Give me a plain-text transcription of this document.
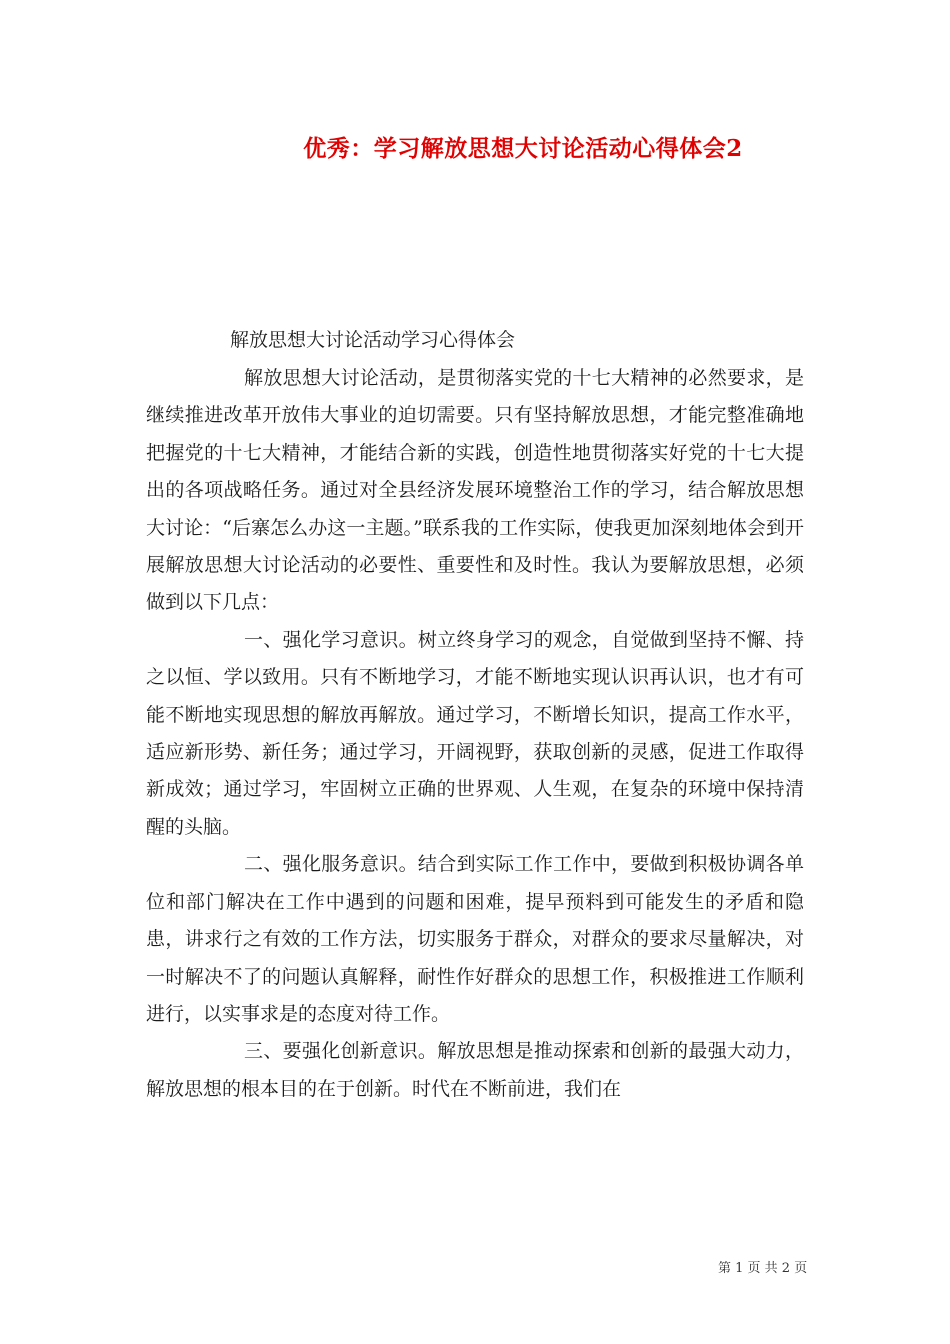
优秀：学习解放思想大讨论活动心得体会2
解放思想大讨论活动学习心得体会

解放思想大讨论活动，是贯彻落实党的十七大精神的必然要求，是继续推进改革开放伟大事业的迫切需要。只有坚持解放思想，才能完整准确地把握党的十七大精神，才能结合新的实践，创造性地贯彻落实好党的十七大提出的各项战略任务。通过对全县经济发展环境整治工作的学习，结合解放思想大讨论：“后寨怎么办这一主题。”联系我的工作实际，使我更加深刻地体会到开展解放思想大讨论活动的必要性、重要性和及时性。我认为要解放思想，必须做到以下几点：

一、强化学习意识。树立终身学习的观念，自觉做到坚持不懈、持之以恒、学以致用。只有不断地学习，才能不断地实现认识再认识，也才有可能不断地实现思想的解放再解放。通过学习，不断增长知识，提高工作水平，适应新形势、新任务；通过学习，开阔视野，获取创新的灵感，促进工作取得新成效；通过学习，牢固树立正确的世界观、人生观，在复杂的环境中保持清醒的头脑。

二、强化服务意识。结合到实际工作工作中，要做到积极协调各单位和部门解决在工作中遇到的问题和困难，提早预料到可能发生的矛盾和隐患，讲求行之有效的工作方法，切实服务于群众，对群众的要求尽量解决，对一时解决不了的问题认真解释，耐性作好群众的思想工作，积极推进工作顺利进行，以实事求是的态度对待工作。

三、要强化创新意识。解放思想是推动探索和创新的最强大动力，解放思想的根本目的在于创新。时代在不断前进，我们在

第 1 页 共 2 页
